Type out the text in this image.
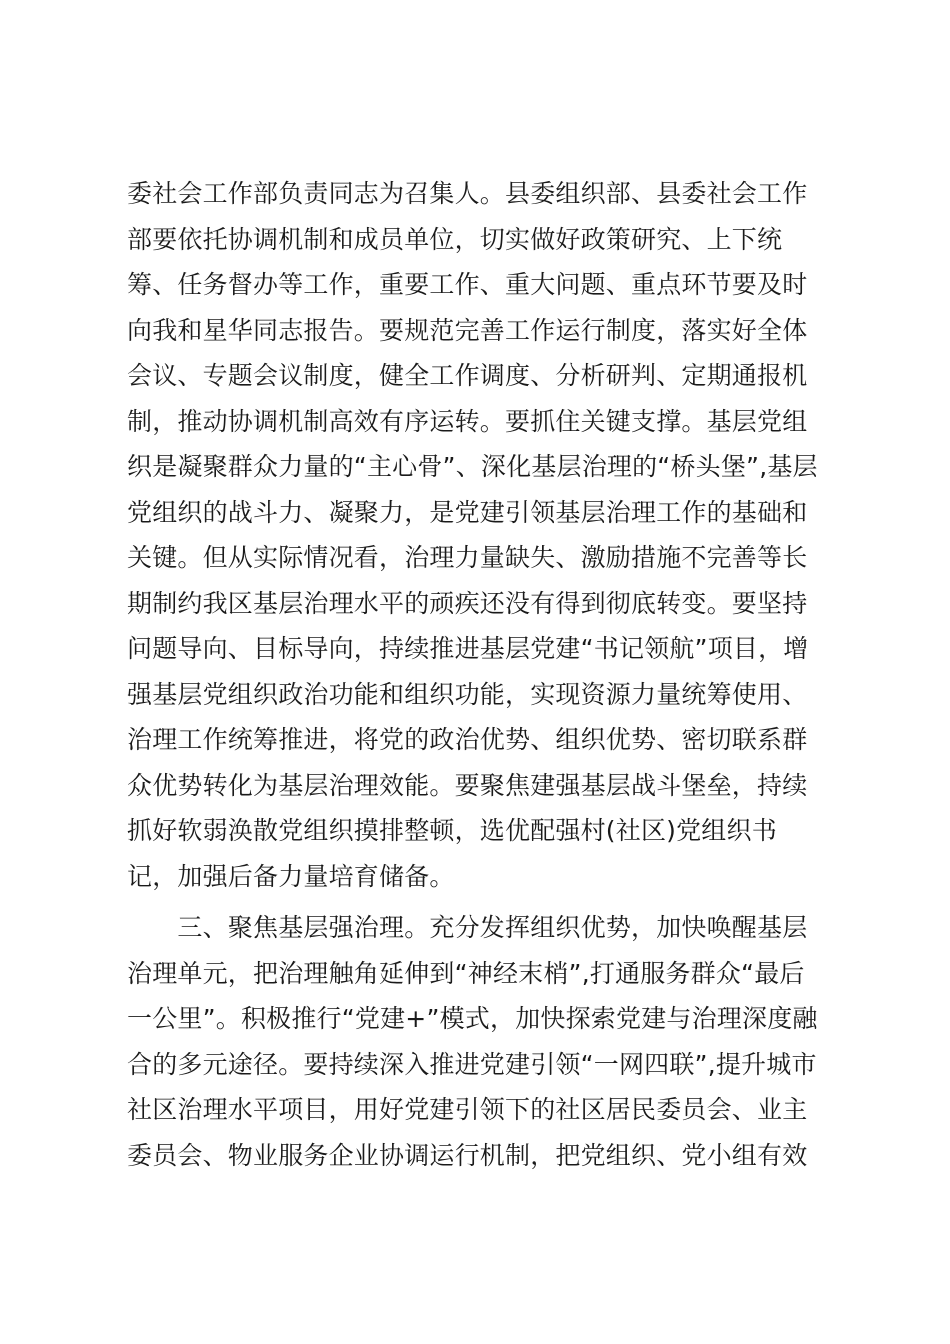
委社会工作部负责同志为召集人。县委组织部、县委社会工作
部要依托协调机制和成员单位，切实做好政策研究、上下统
筹、任务督办等工作，重要工作、重大问题、重点环节要及时
向我和星华同志报告。要规范完善工作运行制度，落实好全体
会议、专题会议制度，健全工作调度、分析研判、定期通报机
制，推动协调机制高效有序运转。要抓住关键支撑。基层党组
织是凝聚群众力量的“主心骨”、深化基层治理的“桥头堡”,基层
党组织的战斗力、凝聚力，是党建引领基层治理工作的基础和
关键。但从实际情况看，治理力量缺失、激励措施不完善等长
期制约我区基层治理水平的顽疾还没有得到彻底转变。要坚持
问题导向、目标导向，持续推进基层党建“书记领航”项目，增
强基层党组织政治功能和组织功能，实现资源力量统筹使用、
治理工作统筹推进，将党的政治优势、组织优势、密切联系群
众优势转化为基层治理效能。要聚焦建强基层战斗堡垒，持续
抓好软弱涣散党组织摸排整顿，选优配强村(社区)党组织书
记，加强后备力量培育储备。
　　三、聚焦基层强治理。充分发挥组织优势，加快唤醒基层
治理单元，把治理触角延伸到“神经末梢”,打通服务群众“最后
一公里”。积极推行“党建+”模式，加快探索党建与治理深度融
合的多元途径。要持续深入推进党建引领“一网四联”,提升城市
社区治理水平项目，用好党建引领下的社区居民委员会、业主
委员会、物业服务企业协调运行机制，把党组织、党小组有效
